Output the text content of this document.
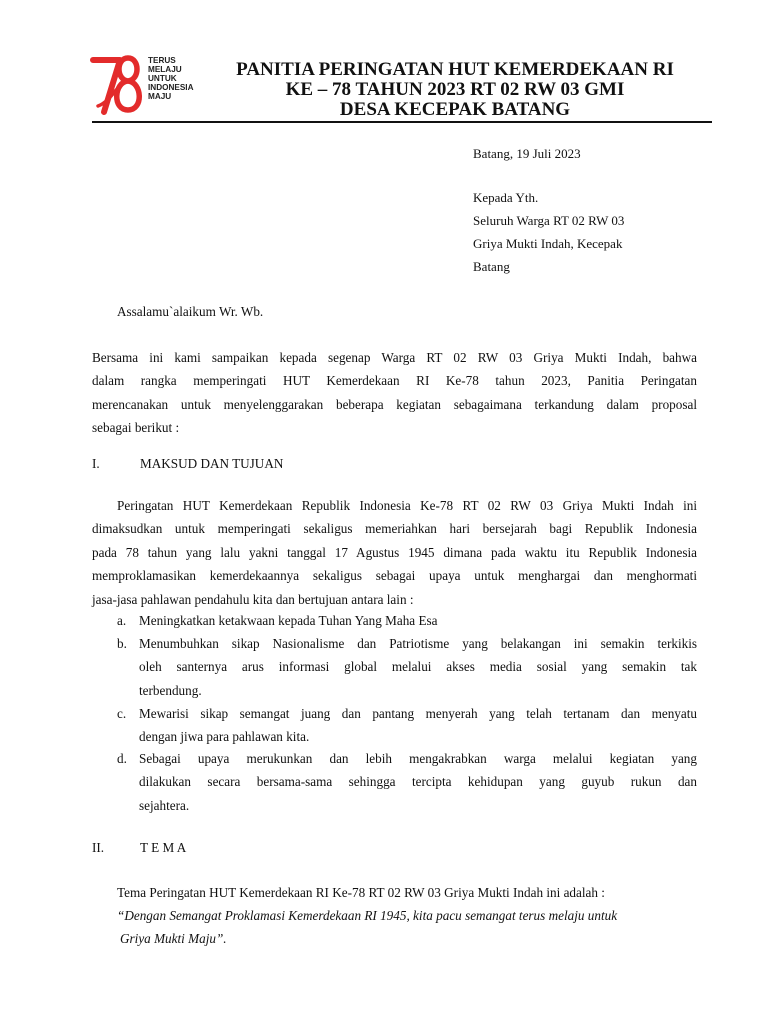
TERUS
MELAJU
UNTUK
INDONESIA
MAJU
PANITIA PERINGATAN HUT KEMERDEKAAN RI
KE – 78 TAHUN 2023 RT 02 RW 03 GMI
DESA KECEPAK BATANG
Batang, 19 Juli 2023
Kepada Yth.
Seluruh Warga RT 02 RW 03
Griya Mukti Indah, Kecepak
Batang
Assalamu`alaikum Wr. Wb.
Bersama ini kami sampaikan kepada segenap Warga RT 02 RW 03 Griya Mukti Indah, bahwa
dalam rangka memperingati HUT Kemerdekaan RI Ke-78 tahun 2023, Panitia Peringatan
merencanakan untuk menyelenggarakan beberapa kegiatan sebagaimana terkandung dalam proposal
sebagai berikut :
I.	MAKSUD DAN TUJUAN
Peringatan HUT Kemerdekaan Republik Indonesia Ke-78 RT 02 RW 03 Griya Mukti Indah ini
dimaksudkan untuk memperingati sekaligus memeriahkan hari bersejarah bagi Republik Indonesia
pada 78 tahun yang lalu yakni tanggal 17 Agustus 1945 dimana pada waktu itu Republik Indonesia
memproklamasikan kemerdekaannya sekaligus sebagai upaya untuk menghargai dan menghormati
jasa-jasa pahlawan pendahulu kita dan bertujuan antara lain :
a. Meningkatkan ketakwaan kepada Tuhan Yang Maha Esa
b. Menumbuhkan sikap Nasionalisme dan Patriotisme yang belakangan ini semakin terkikis
oleh santernya arus informasi global melalui akses media sosial yang semakin tak
terbendung.
c. Mewarisi sikap semangat juang dan pantang menyerah yang telah tertanam dan menyatu
dengan jiwa para pahlawan kita.
d. Sebagai upaya merukunkan dan lebih mengakrabkan warga melalui kegiatan yang
dilakukan secara bersama-sama sehingga tercipta kehidupan yang guyub rukun dan
sejahtera.
II.	T E M A
Tema Peringatan HUT Kemerdekaan RI Ke-78 RT 02 RW 03 Griya Mukti Indah ini adalah :
“Dengan Semangat Proklamasi Kemerdekaan RI 1945, kita pacu semangat terus melaju untuk
Griya Mukti Maju”.
